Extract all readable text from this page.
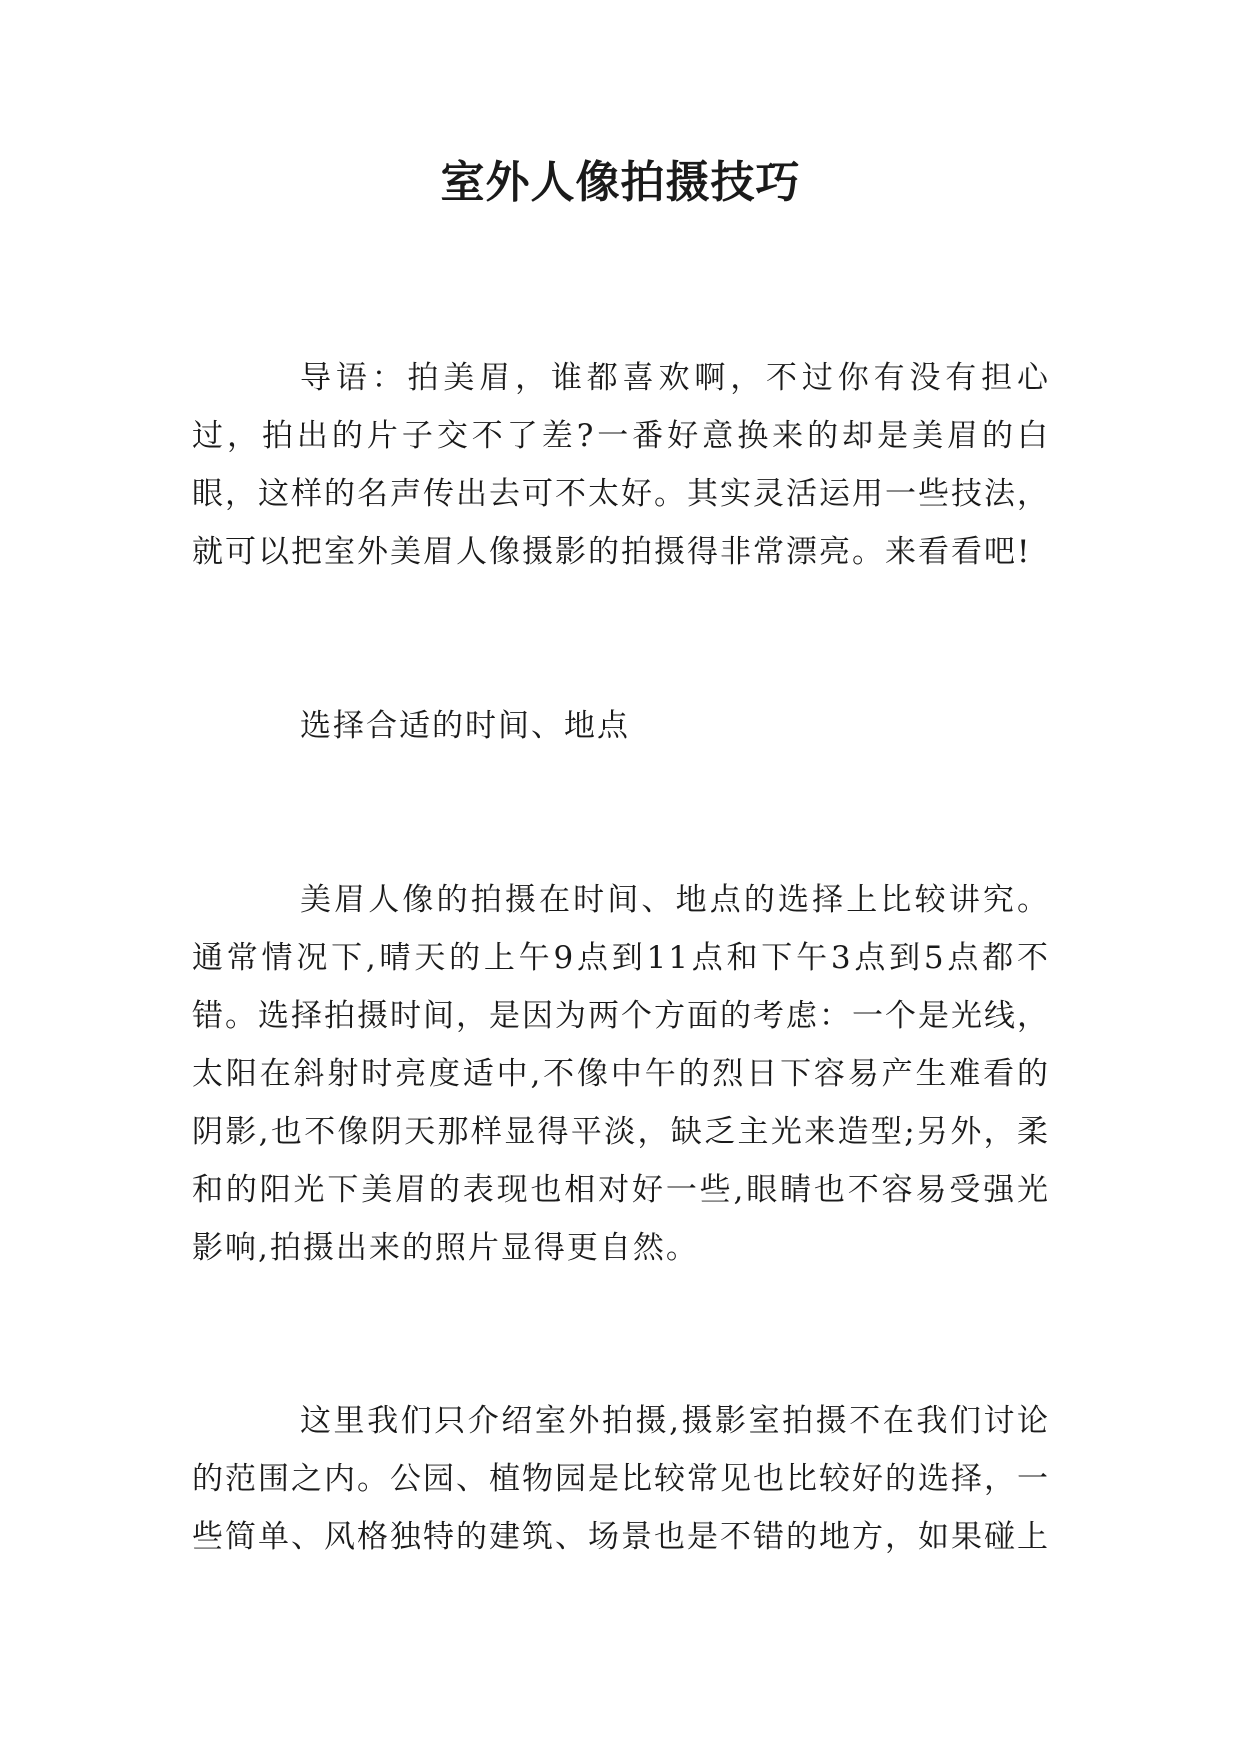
室外人像拍摄技巧

导语：拍美眉，谁都喜欢啊，不过你有没有担心过，拍出的片子交不了差?一番好意换来的却是美眉的白眼，这样的名声传出去可不太好。其实灵活运用一些技法，就可以把室外美眉人像摄影的拍摄得非常漂亮。来看看吧!

选择合适的时间、地点

美眉人像的拍摄在时间、地点的选择上比较讲究。通常情况下,晴天的上午9点到11点和下午3点到5点都不错。选择拍摄时间，是因为两个方面的考虑：一个是光线，太阳在斜射时亮度适中,不像中午的烈日下容易产生难看的阴影,也不像阴天那样显得平淡，缺乏主光来造型;另外，柔和的阳光下美眉的表现也相对好一些,眼睛也不容易受强光影响,拍摄出来的照片显得更自然。

这里我们只介绍室外拍摄,摄影室拍摄不在我们讨论的范围之内。公园、植物园是比较常见也比较好的选择，一些简单、风格独特的建筑、场景也是不错的地方，如果碰上
